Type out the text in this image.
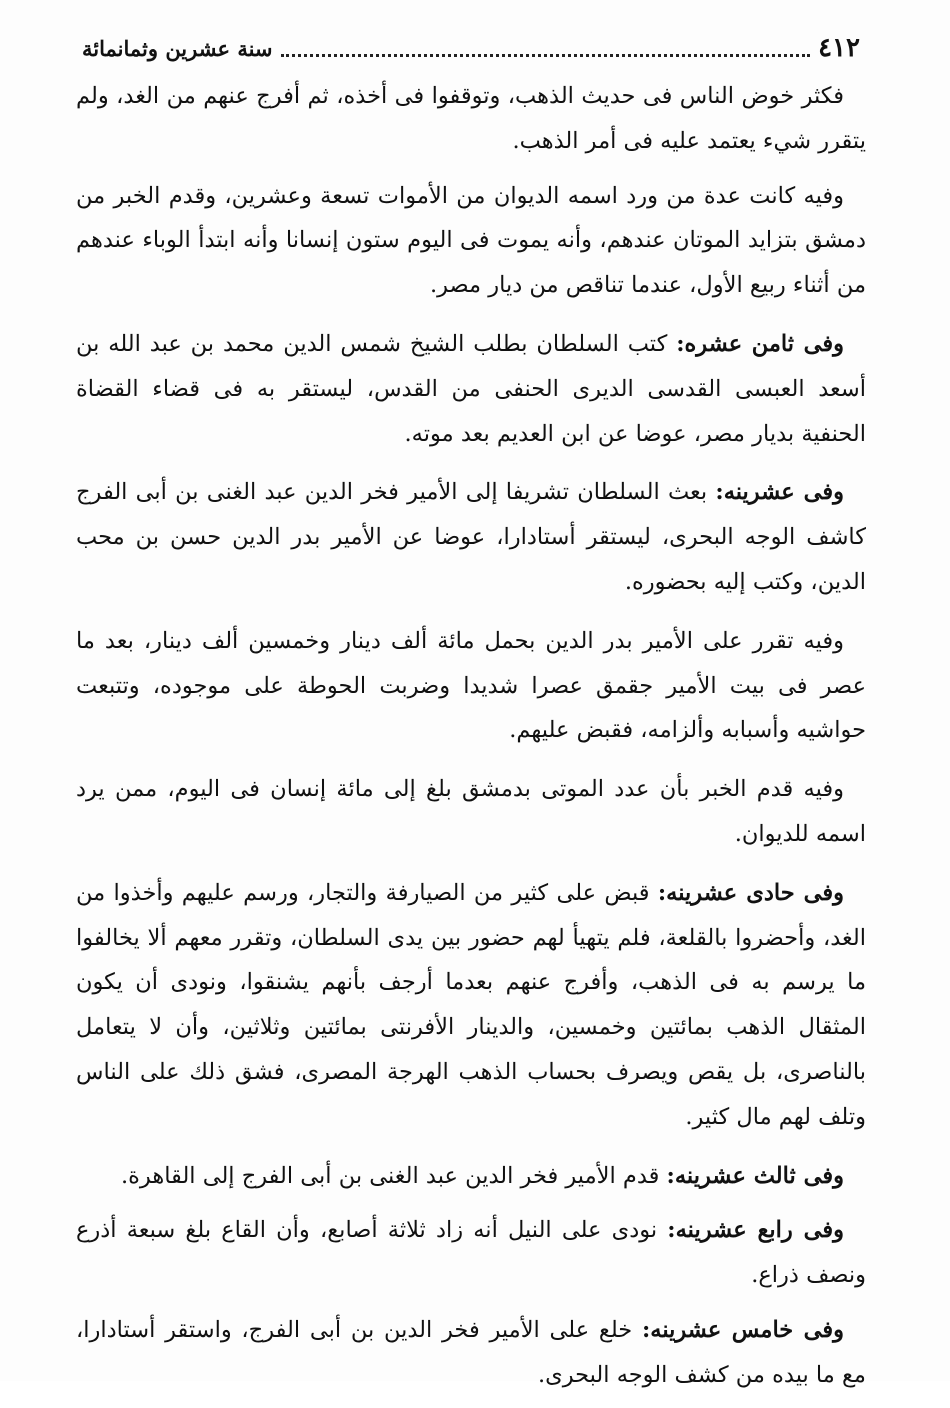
٤١٢
سنة عشرين وثمانمائة

فكثر خوض الناس فى حديث الذهب، وتوقفوا فى أخذه، ثم أفرج عنهم من الغد، ولم يتقرر شيء يعتمد عليه فى أمر الذهب.

وفيه كانت عدة من ورد اسمه الديوان من الأموات تسعة وعشرين، وقدم الخبر من دمشق بتزايد الموتان عندهم، وأنه يموت فى اليوم ستون إنسانا وأنه ابتدأ الوباء عندهم من أثناء ربيع الأول، عندما تناقص من ديار مصر.

وفى ثامن عشره: كتب السلطان بطلب الشيخ شمس الدين محمد بن عبد الله بن أسعد العبسى القدسى الديرى الحنفى من القدس، ليستقر به فى قضاء القضاة الحنفية بديار مصر، عوضا عن ابن العديم بعد موته.

وفى عشرينه: بعث السلطان تشريفا إلى الأمير فخر الدين عبد الغنى بن أبى الفرج كاشف الوجه البحرى، ليستقر أستادارا، عوضا عن الأمير بدر الدين حسن بن محب الدين، وكتب إليه بحضوره.

وفيه تقرر على الأمير بدر الدين بحمل مائة ألف دينار وخمسين ألف دينار، بعد ما عصر فى بيت الأمير جقمق عصرا شديدا وضربت الحوطة على موجوده، وتتبعت حواشيه وأسبابه وألزامه، فقبض عليهم.

وفيه قدم الخبر بأن عدد الموتى بدمشق بلغ إلى مائة إنسان فى اليوم، ممن يرد اسمه للديوان.

وفى حادى عشرينه: قبض على كثير من الصيارفة والتجار، ورسم عليهم وأخذوا من الغد، وأحضروا بالقلعة، فلم يتهيأ لهم حضور بين يدى السلطان، وتقرر معهم ألا يخالفوا ما يرسم به فى الذهب، وأفرج عنهم بعدما أرجف بأنهم يشنقوا، ونودى أن يكون المثقال الذهب بمائتين وخمسين، والدينار الأفرنتى بمائتين وثلاثين، وأن لا يتعامل بالناصرى، بل يقص ويصرف بحساب الذهب الهرجة المصرى، فشق ذلك على الناس وتلف لهم مال كثير.

وفى ثالث عشرينه: قدم الأمير فخر الدين عبد الغنى بن أبى الفرج إلى القاهرة.

وفى رابع عشرينه: نودى على النيل أنه زاد ثلاثة أصابع، وأن القاع بلغ سبعة أذرع ونصف ذراع.

وفى خامس عشرينه: خلع على الأمير فخر الدين بن أبى الفرج، واستقر أستادارا، مع ما بيده من كشف الوجه البحرى.
